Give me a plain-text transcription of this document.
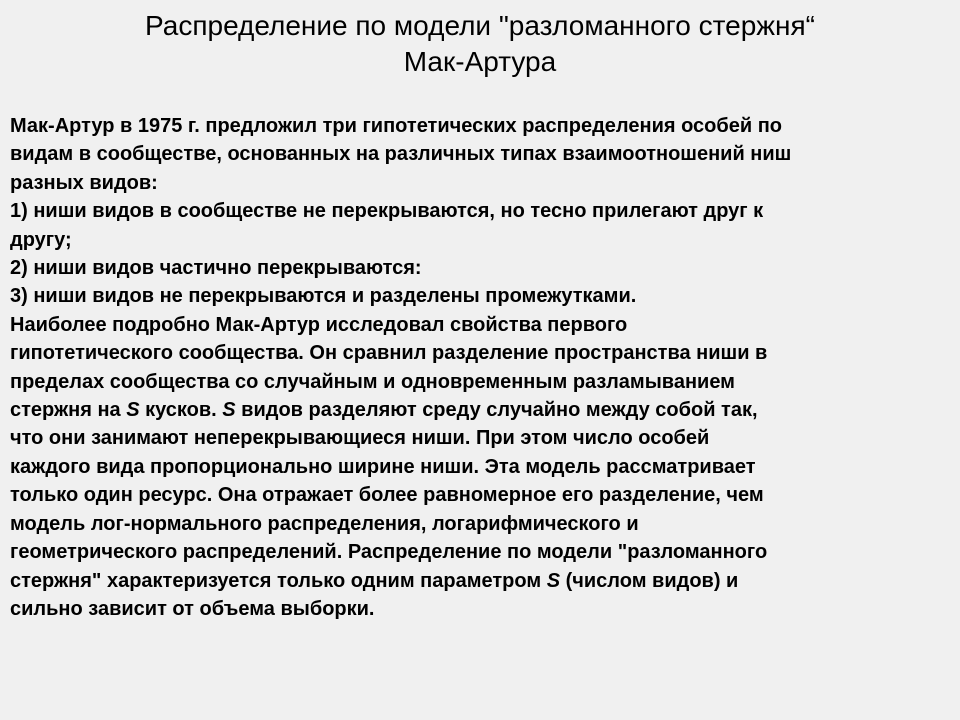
Распределение по модели "разломанного стержня“
Мак-Артура
Мак-Артур в 1975 г. предложил три гипотетических распределения особей по
видам в сообществе, основанных на различных типах взаимоотношений ниш
разных видов:
1) ниши видов в сообществе не перекрываются, но тесно прилегают друг к
другу;
2) ниши видов частично перекрываются:
3) ниши видов не перекрываются и разделены промежутками.
Наиболее подробно Мак-Артур исследовал свойства первого
гипотетического сообщества. Он сравнил разделение пространства ниши в
пределах сообщества со случайным и одновременным разламыванием
стержня на S кусков. S видов разделяют среду случайно между собой так,
что они занимают неперекрывающиеся ниши. При этом число особей
каждого вида пропорционально ширине ниши. Эта модель рассматривает
только один ресурс. Она отражает более равномерное его разделение, чем
модель лог-нормального распределения, логарифмического и
геометрического распределений. Распределение по модели "разломанного
стержня" характеризуется только одним параметром S (числом видов) и
сильно зависит от объема выборки.
